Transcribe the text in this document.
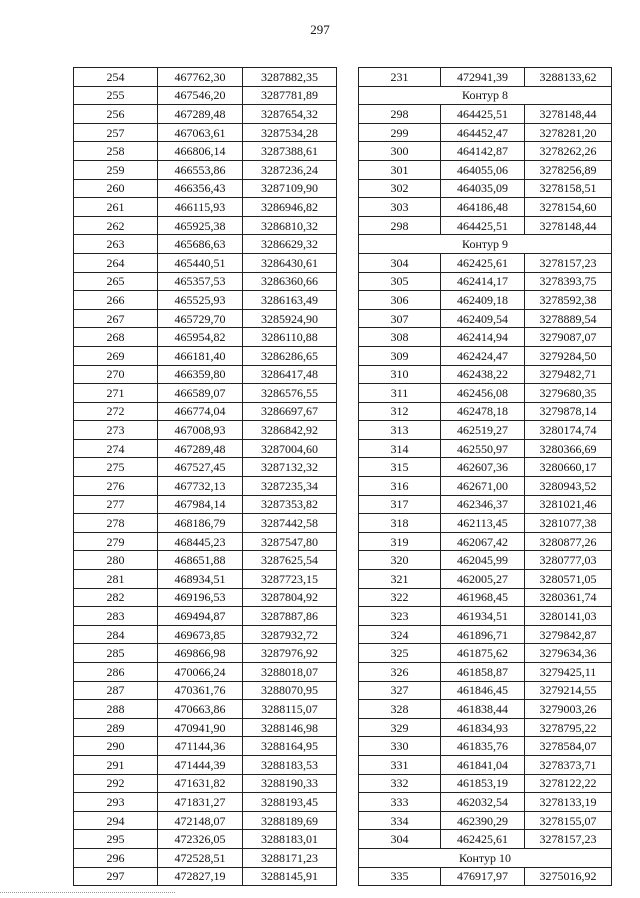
297
254	467762,30	3287882,35
255	467546,20	3287781,89
256	467289,48	3287654,32
257	467063,61	3287534,28
258	466806,14	3287388,61
259	466553,86	3287236,24
260	466356,43	3287109,90
261	466115,93	3286946,82
262	465925,38	3286810,32
263	465686,63	3286629,32
264	465440,51	3286430,61
265	465357,53	3286360,66
266	465525,93	3286163,49
267	465729,70	3285924,90
268	465954,82	3286110,88
269	466181,40	3286286,65
270	466359,80	3286417,48
271	466589,07	3286576,55
272	466774,04	3286697,67
273	467008,93	3286842,92
274	467289,48	3287004,60
275	467527,45	3287132,32
276	467732,13	3287235,34
277	467984,14	3287353,82
278	468186,79	3287442,58
279	468445,23	3287547,80
280	468651,88	3287625,54
281	468934,51	3287723,15
282	469196,53	3287804,92
283	469494,87	3287887,86
284	469673,85	3287932,72
285	469866,98	3287976,92
286	470066,24	3288018,07
287	470361,76	3288070,95
288	470663,86	3288115,07
289	470941,90	3288146,98
290	471144,36	3288164,95
291	471444,39	3288183,53
292	471631,82	3288190,33
293	471831,27	3288193,45
294	472148,07	3288189,69
295	472326,05	3288183,01
296	472528,51	3288171,23
297	472827,19	3288145,91
231	472941,39	3288133,62
Контур 8		
298	464425,51	3278148,44
299	464452,47	3278281,20
300	464142,87	3278262,26
301	464055,06	3278256,89
302	464035,09	3278158,51
303	464186,48	3278154,60
298	464425,51	3278148,44
Контур 9		
304	462425,61	3278157,23
305	462414,17	3278393,75
306	462409,18	3278592,38
307	462409,54	3278889,54
308	462414,94	3279087,07
309	462424,47	3279284,50
310	462438,22	3279482,71
311	462456,08	3279680,35
312	462478,18	3279878,14
313	462519,27	3280174,74
314	462550,97	3280366,69
315	462607,36	3280660,17
316	462671,00	3280943,52
317	462346,37	3281021,46
318	462113,45	3281077,38
319	462067,42	3280877,26
320	462045,99	3280777,03
321	462005,27	3280571,05
322	461968,45	3280361,74
323	461934,51	3280141,03
324	461896,71	3279842,87
325	461875,62	3279634,36
326	461858,87	3279425,11
327	461846,45	3279214,55
328	461838,44	3279003,26
329	461834,93	3278795,22
330	461835,76	3278584,07
331	461841,04	3278373,71
332	461853,19	3278122,22
333	462032,54	3278133,19
334	462390,29	3278155,07
304	462425,61	3278157,23
Контур 10		
335	476917,97	3275016,92
